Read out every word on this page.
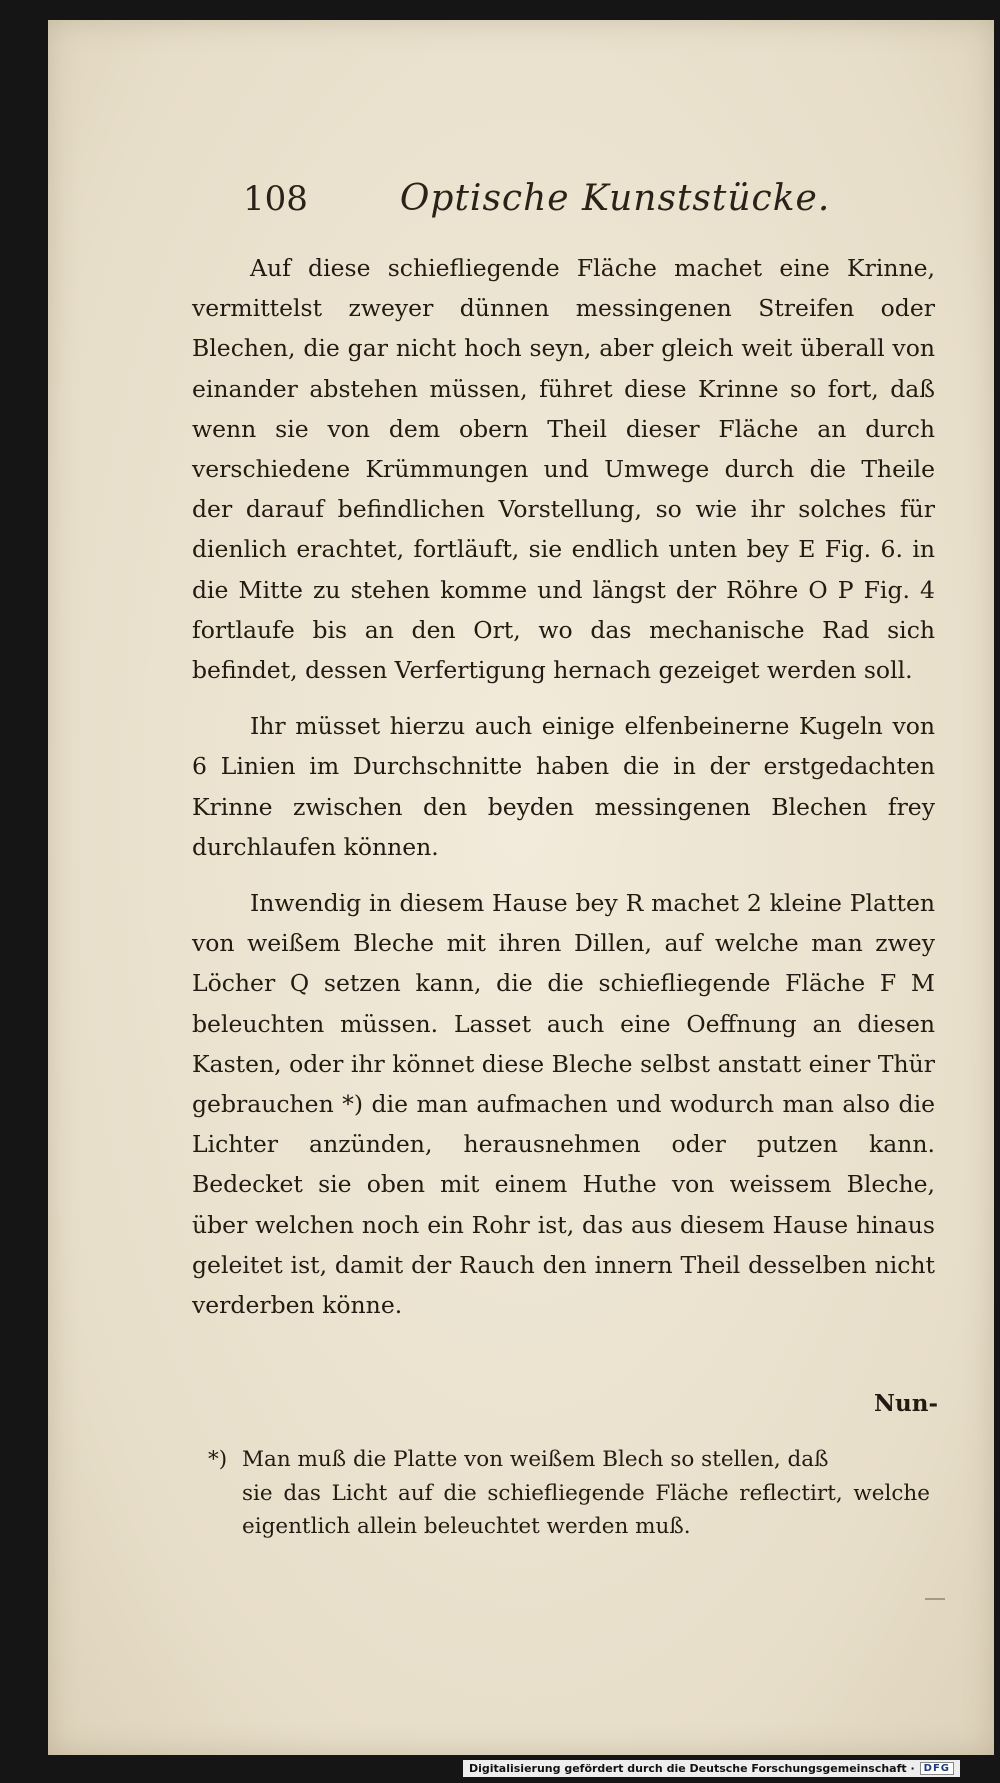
108	Optische Kunststücke.

Auf diese schiefliegende Fläche machet eine Krinne, vermittelst zweyer dünnen messingenen Streifen oder Blechen, die gar nicht hoch seyn, aber gleich weit überall von einander abstehen müssen, führet diese Krinne so fort, daß wenn sie von dem obern Theil dieser Fläche an durch verschiedene Krümmungen und Umwege durch die Theile der darauf befindlichen Vorstellung, so wie ihr solches für dienlich erachtet, fortläuft, sie endlich unten bey E Fig. 6. in die Mitte zu stehen komme und längst der Röhre O P Fig. 4 fortlaufe bis an den Ort, wo das mechanische Rad sich befindet, dessen Verfertigung hernach gezeiget werden soll.

Ihr müsset hierzu auch einige elfenbeinerne Kugeln von 6 Linien im Durchschnitte haben die in der erstgedachten Krinne zwischen den beyden messingenen Blechen frey durchlaufen können.

Inwendig in diesem Hause bey R machet 2 kleine Platten von weißem Bleche mit ihren Dillen, auf welche man zwey Löcher Q setzen kann, die die schiefliegende Fläche F M beleuchten müssen. Lasset auch eine Oeffnung an diesen Kasten, oder ihr könnet diese Bleche selbst anstatt einer Thür gebrauchen *) die man aufmachen und wodurch man also die Lichter anzünden, herausnehmen oder putzen kann. Bedecket sie oben mit einem Huthe von weissem Bleche, über welchen noch ein Rohr ist, das aus diesem Hause hinaus geleitet ist, damit der Rauch den innern Theil desselben nicht verderben könne.

Nun-
*) Man muß die Platte von weißem Blech so stellen, daß
sie das Licht auf die schiefliegende Fläche reflectirt, welche eigentlich allein beleuchtet werden muß.
Digitalisierung gefördert durch die Deutsche Forschungsgemeinschaft · DFG
